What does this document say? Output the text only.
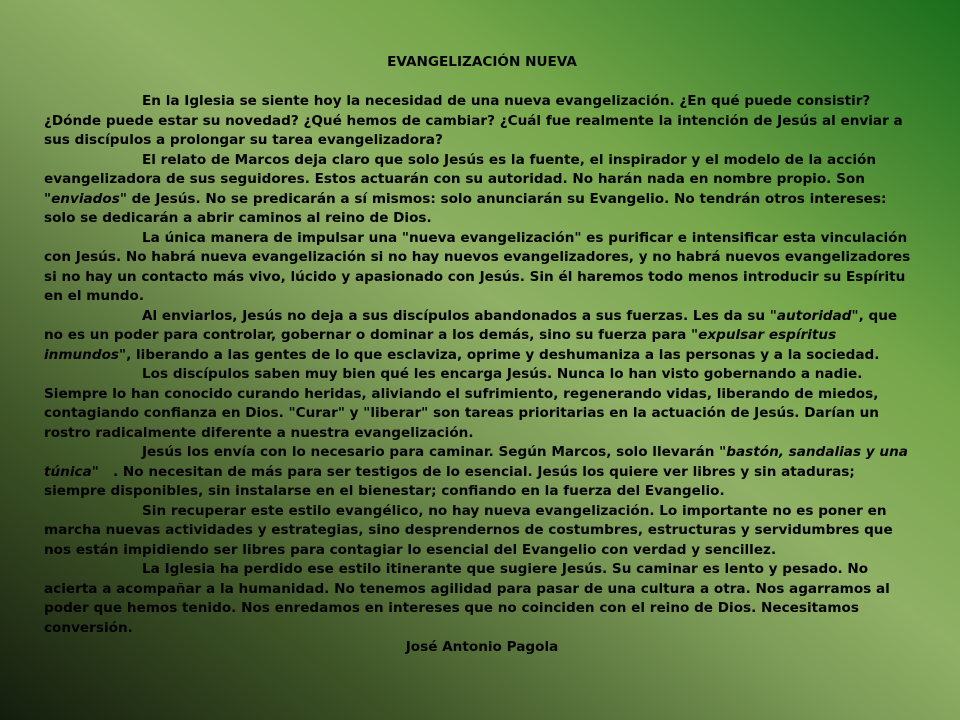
EVANGELIZACIÓN NUEVA

En la Iglesia se siente hoy la necesidad de una nueva evangelización. ¿En qué puede consistir? ¿Dónde puede estar su novedad? ¿Qué hemos de cambiar? ¿Cuál fue realmente la intención de Jesús al enviar a sus discípulos a prolongar su tarea evangelizadora?

El relato de Marcos deja claro que solo Jesús es la fuente, el inspirador y el modelo de la acción evangelizadora de sus seguidores. Estos actuarán con su autoridad. No harán nada en nombre propio. Son "enviados" de Jesús. No se predicarán a sí mismos: solo anunciarán su Evangelio. No tendrán otros intereses: solo se dedicarán a abrir caminos al reino de Dios.

La única manera de impulsar una "nueva evangelización" es purificar e intensificar esta vinculación con Jesús. No habrá nueva evangelización si no hay nuevos evangelizadores, y no habrá nuevos evangelizadores si no hay un contacto más vivo, lúcido y apasionado con Jesús. Sin él haremos todo menos introducir su Espíritu en el mundo.

Al enviarlos, Jesús no deja a sus discípulos abandonados a sus fuerzas. Les da su "autoridad", que no es un poder para controlar, gobernar o dominar a los demás, sino su fuerza para "expulsar espíritus inmundos", liberando a las gentes de lo que esclaviza, oprime y deshumaniza a las personas y a la sociedad.

Los discípulos saben muy bien qué les encarga Jesús. Nunca lo han visto gobernando a nadie. Siempre lo han conocido curando heridas, aliviando el sufrimiento, regenerando vidas, liberando de miedos, contagiando confianza en Dios. "Curar" y "liberar" son tareas prioritarias en la actuación de Jesús. Darían un rostro radicalmente diferente a nuestra evangelización.

Jesús los envía con lo necesario para caminar. Según Marcos, solo llevarán "bastón, sandalias y una túnica"   . No necesitan de más para ser testigos de lo esencial. Jesús los quiere ver libres y sin ataduras; siempre disponibles, sin instalarse en el bienestar; confiando en la fuerza del Evangelio.

Sin recuperar este estilo evangélico, no hay nueva evangelización. Lo importante no es poner en marcha nuevas actividades y estrategias, sino desprendernos de costumbres, estructuras y servidumbres que nos están impidiendo ser libres para contagiar lo esencial del Evangelio con verdad y sencillez.

La Iglesia ha perdido ese estilo itinerante que sugiere Jesús. Su caminar es lento y pesado. No acierta a acompañar a la humanidad. No tenemos agilidad para pasar de una cultura a otra. Nos agarramos al poder que hemos tenido. Nos enredamos en intereses que no coinciden con el reino de Dios. Necesitamos conversión.

José Antonio Pagola
